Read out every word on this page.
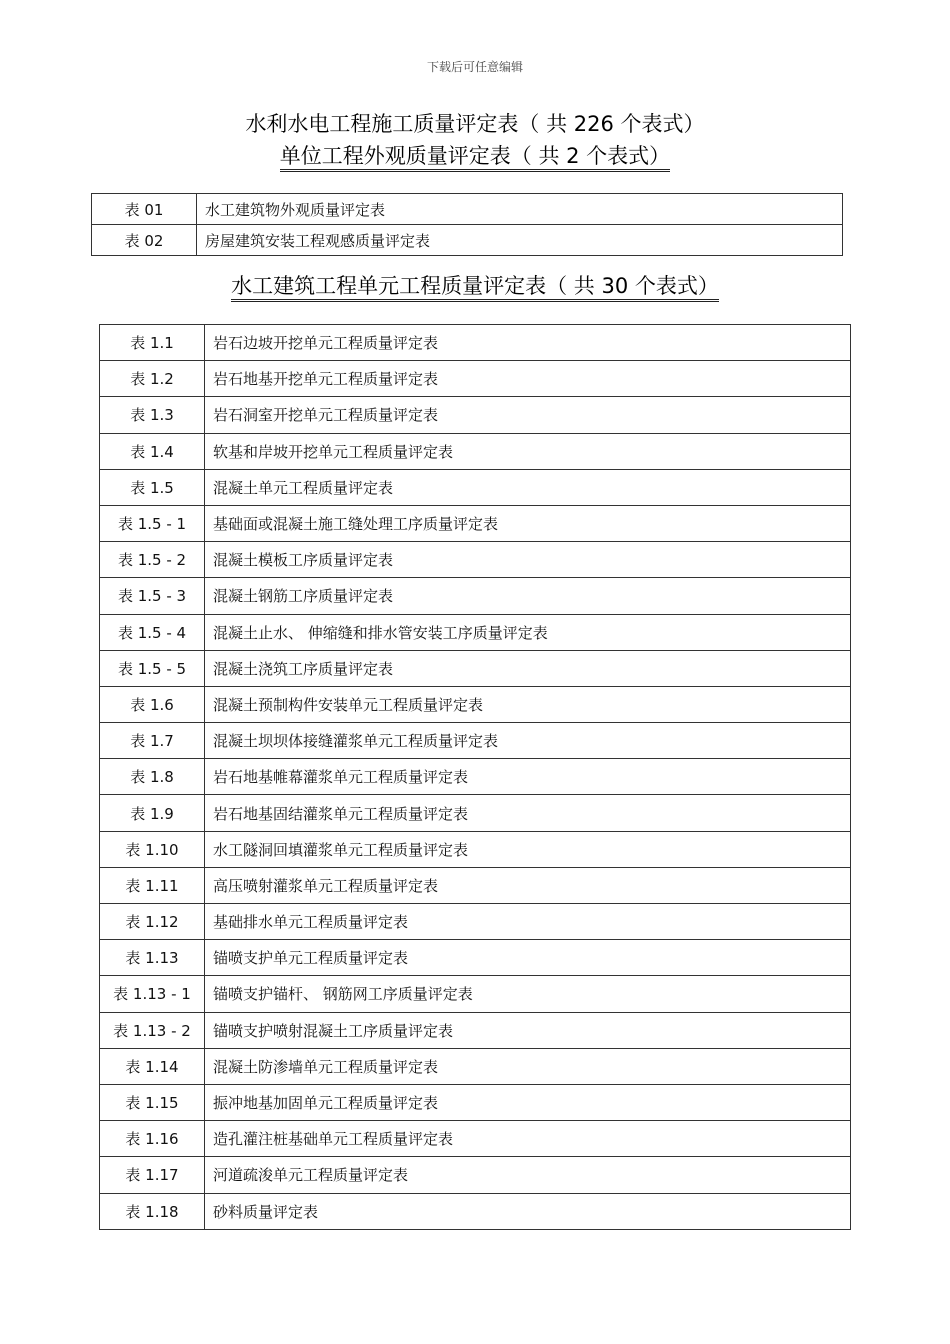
下载后可任意编辑
水利水电工程施工质量评定表（ 共 226 个表式）
单位工程外观质量评定表（ 共 2 个表式）
表 01	水工建筑物外观质量评定表
表 02	房屋建筑安装工程观感质量评定表
水工建筑工程单元工程质量评定表（ 共 30 个表式）
表 1.1	岩石边坡开挖单元工程质量评定表
表 1.2	岩石地基开挖单元工程质量评定表
表 1.3	岩石洞室开挖单元工程质量评定表
表 1.4	软基和岸坡开挖单元工程质量评定表
表 1.5	混凝土单元工程质量评定表
表 1.5 - 1	基础面或混凝土施工缝处理工序质量评定表
表 1.5 - 2	混凝土模板工序质量评定表
表 1.5 - 3	混凝土钢筋工序质量评定表
表 1.5 - 4	混凝土止水、 伸缩缝和排水管安装工序质量评定表
表 1.5 - 5	混凝土浇筑工序质量评定表
表 1.6	混凝土预制构件安装单元工程质量评定表
表 1.7	混凝土坝坝体接缝灌浆单元工程质量评定表
表 1.8	岩石地基帷幕灌浆单元工程质量评定表
表 1.9	岩石地基固结灌浆单元工程质量评定表
表 1.10	水工隧洞回填灌浆单元工程质量评定表
表 1.11	高压喷射灌浆单元工程质量评定表
表 1.12	基础排水单元工程质量评定表
表 1.13	锚喷支护单元工程质量评定表
表 1.13 - 1	锚喷支护锚杆、 钢筋网工序质量评定表
表 1.13 - 2	锚喷支护喷射混凝土工序质量评定表
表 1.14	混凝土防渗墙单元工程质量评定表
表 1.15	振冲地基加固单元工程质量评定表
表 1.16	造孔灌注桩基础单元工程质量评定表
表 1.17	河道疏浚单元工程质量评定表
表 1.18	砂料质量评定表
